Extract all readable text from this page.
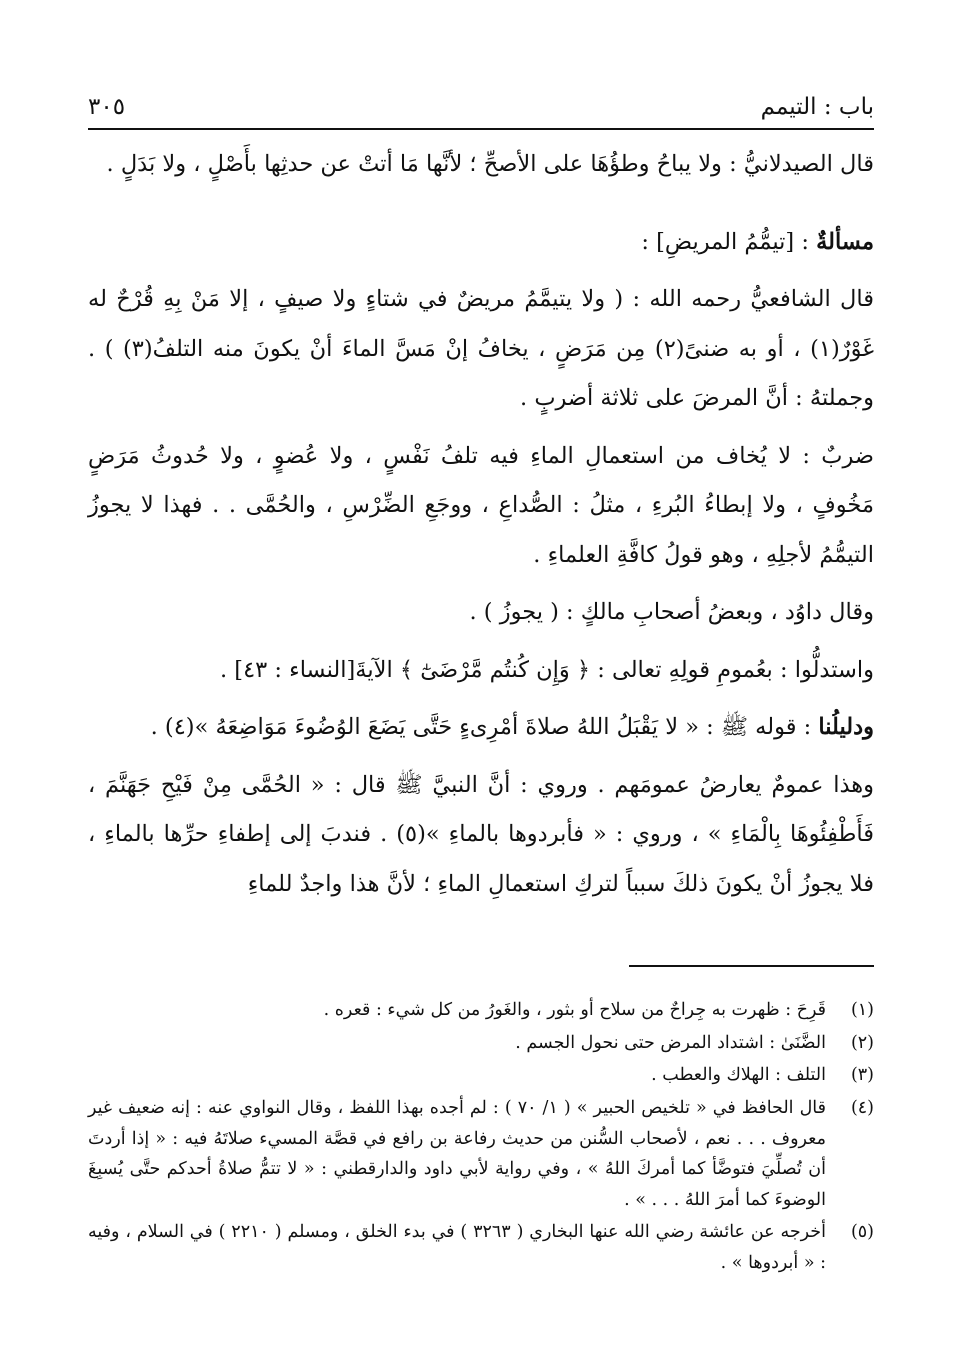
باب : التيمم
٣٠٥

قال الصيدلانيُّ : ولا يباحُ وطؤُهَا على الأصحِّ ؛ لأنَّها مَا أتتْ عن حدثِها بأَصْلٍ ، ولا بَدَلٍ .

مسألةٌ : [تيمُّمُ المريضِ] :

قال الشافعيُّ رحمه الله : ( ولا يتيمَّمُ مريضٌ في شتاءٍ ولا صيفٍ ، إلا مَنْ بِهِ قُرْحٌ له غَوْرٌ(١) ، أو به ضنىً(٢) مِن مَرَضٍ ، يخافُ إنْ مَسَّ الماءَ أنْ يكونَ منه التلفُ(٣) ) . وجملتهُ : أنَّ المرضَ على ثلاثة أضربٍ .

ضربٌ : لا يُخاف من استعمالِ الماءِ فيه تلفُ نَفْسٍ ، ولا عُضوٍ ، ولا حُدوثُ مَرَضٍ مَخُوفٍ ، ولا إبطاءُ البُرءِ ، مثلُ : الصُّداعِ ، ووجَعِ الضِّرْسِ ، والحُمَّى . . فهذا لا يجوزُ التيمُّمُ لأجلِهِ ، وهو قولُ كافَّةِ العلماءِ .

وقال داوُد ، وبعضُ أصحابِ مالكٍ : ( يجوزُ ) .

واستدلُّوا : بعُمومِ قولِهِ تعالى : ﴿ وَإِن كُنتُم مَّرْضَىٰٓ ﴾ الآيةَ[النساء : ٤٣] .

ودليلُنا : قوله ﷺ : « لا يَقْبَلُ اللهُ صلاةَ أمْرِىءٍ حَتَّى يَضَعَ الوُضُوءَ مَوَاضِعَهُ »(٤) .

وهذا عمومٌ يعارضُ عمومَهم . وروي : أنَّ النبيَّ ﷺ قال : « الحُمَّى مِنْ فَيْحِ جَهَنَّمَ ، فَأَطْفِئُوهَا بِالْمَاءِ » ، وروي : « فأبردوها بالماءِ »(٥) . فندبَ إلى إطفاءِ حرِّها بالماءِ ، فلا يجوزُ أنْ يكونَ ذلكَ سبباً لتركِ استعمالِ الماءِ ؛ لأنَّ هذا واجدٌ للماءِ

(١)
قَرِحَ : ظهرت به جِراحٌ من سلاح أو بثور ، والغَورُ من كل شيء : قعره .
(٢)
الضَّنَىٰ : اشتداد المرض حتى نحول الجسم .
(٣)
التلف : الهلاك والعطب .
(٤)
قال الحافظ في « تلخيص الحبير » ( ١/ ٧٠ ) : لم أجده بهذا اللفظ ، وقال النواوي عنه : إنه ضعيف غير معروف . . . نعم ، لأصحاب السُّنن من حديث رفاعة بن رافع في قصَّة المسيء صلاتَهُ فيه : « إذا أردتَ أن تُصلِّيَ فتوضَّأ كما أمركَ اللهُ » ، وفي رواية لأبي داود والدارقطني : « لا تتمُّ صلاةُ أحدكم حتَّى يُسبِغَ الوضوءَ كما أمرَ اللهُ . . . » .
(٥)
أخرجه عن عائشة رضي الله عنها البخاري ( ٣٢٦٣ ) في بدء الخلق ، ومسلم ( ٢٢١٠ ) في السلام ، وفيه : « أبردوها » .
